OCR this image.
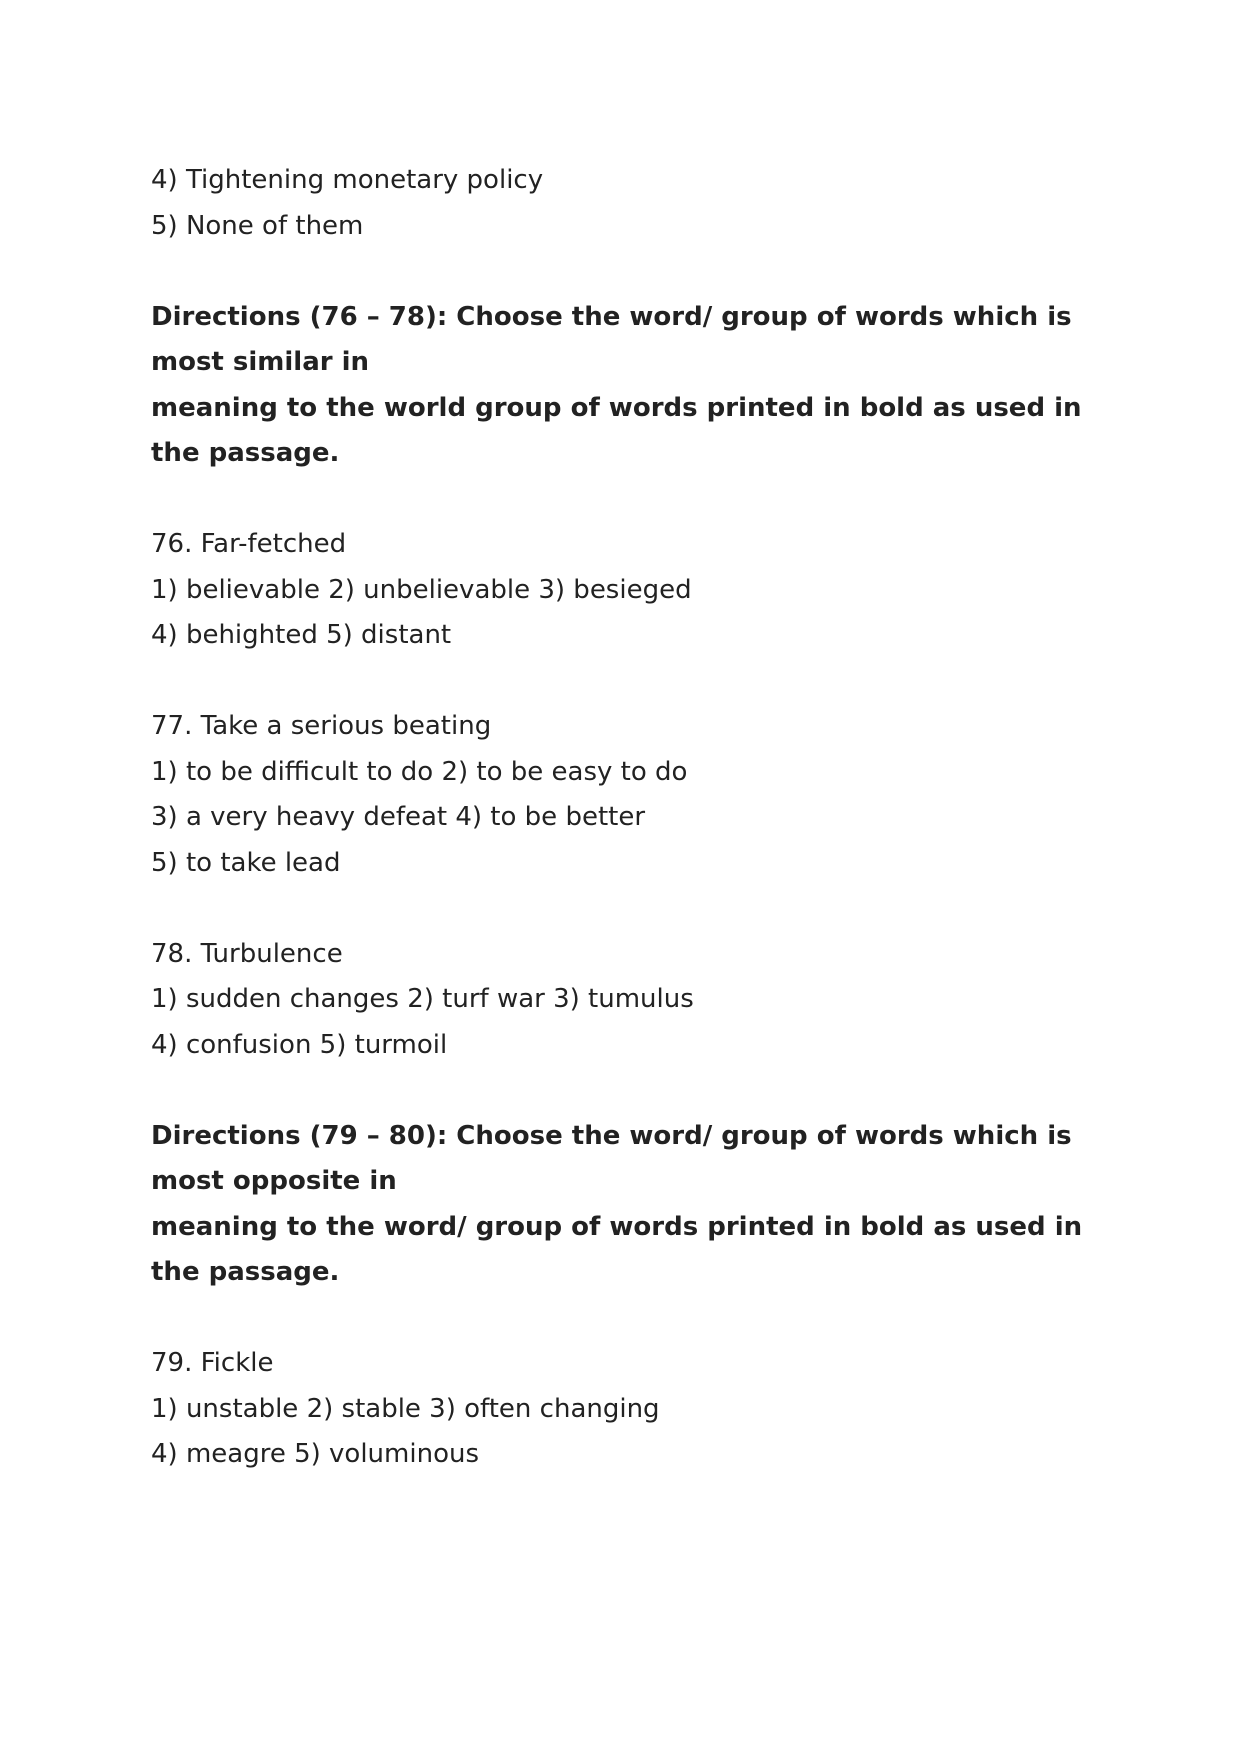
4) Tightening monetary policy
5) None of them
Directions (76 – 78): Choose the word/ group of words which is
most similar in
meaning to the world group of words printed in bold as used in
the passage.
76. Far-fetched
1) believable 2) unbelievable 3) besieged
4) behighted 5) distant
77. Take a serious beating
1) to be difficult to do 2) to be easy to do
3) a very heavy defeat 4) to be better
5) to take lead
78. Turbulence
1) sudden changes 2) turf war 3) tumulus
4) confusion 5) turmoil
Directions (79 – 80): Choose the word/ group of words which is
most opposite in
meaning to the word/ group of words printed in bold as used in
the passage.
79. Fickle
1) unstable 2) stable 3) often changing
4) meagre 5) voluminous
